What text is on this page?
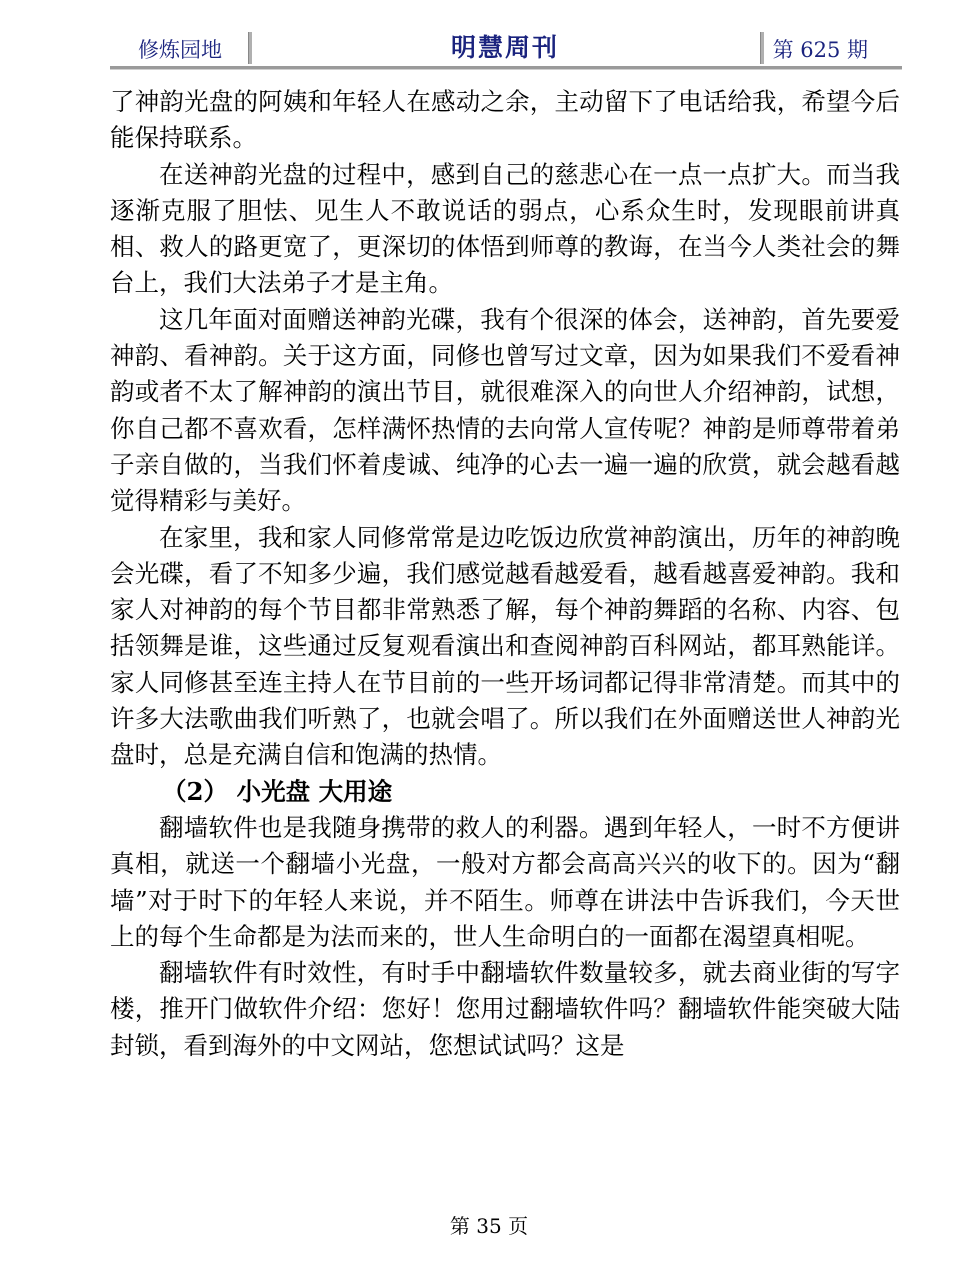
修炼园地	明慧周刊	第 625 期

了神韵光盘的阿姨和年轻人在感动之余，主动留下了电话给我，希望今后能保持联系。

在送神韵光盘的过程中，感到自己的慈悲心在一点一点扩大。而当我逐渐克服了胆怯、见生人不敢说话的弱点，心系众生时，发现眼前讲真相、救人的路更宽了，更深切的体悟到师尊的教诲，在当今人类社会的舞台上，我们大法弟子才是主角。

这几年面对面赠送神韵光碟，我有个很深的体会，送神韵，首先要爱神韵、看神韵。关于这方面，同修也曾写过文章，因为如果我们不爱看神韵或者不太了解神韵的演出节目，就很难深入的向世人介绍神韵，试想，你自己都不喜欢看，怎样满怀热情的去向常人宣传呢？神韵是师尊带着弟子亲自做的，当我们怀着虔诚、纯净的心去一遍一遍的欣赏，就会越看越觉得精彩与美好。

在家里，我和家人同修常常是边吃饭边欣赏神韵演出，历年的神韵晚会光碟，看了不知多少遍，我们感觉越看越爱看，越看越喜爱神韵。我和家人对神韵的每个节目都非常熟悉了解，每个神韵舞蹈的名称、内容、包括领舞是谁，这些通过反复观看演出和查阅神韵百科网站，都耳熟能详。家人同修甚至连主持人在节目前的一些开场词都记得非常清楚。而其中的许多大法歌曲我们听熟了，也就会唱了。所以我们在外面赠送世人神韵光盘时，总是充满自信和饱满的热情。

（2） 小光盘 大用途

翻墙软件也是我随身携带的救人的利器。遇到年轻人，一时不方便讲真相，就送一个翻墙小光盘，一般对方都会高高兴兴的收下的。因为“翻墙”对于时下的年轻人来说，并不陌生。师尊在讲法中告诉我们，今天世上的每个生命都是为法而来的，世人生命明白的一面都在渴望真相呢。

翻墙软件有时效性，有时手中翻墙软件数量较多，就去商业街的写字楼，推开门做软件介绍：您好！您用过翻墙软件吗？翻墙软件能突破大陆封锁，看到海外的中文网站，您想试试吗？这是

第 35 页
